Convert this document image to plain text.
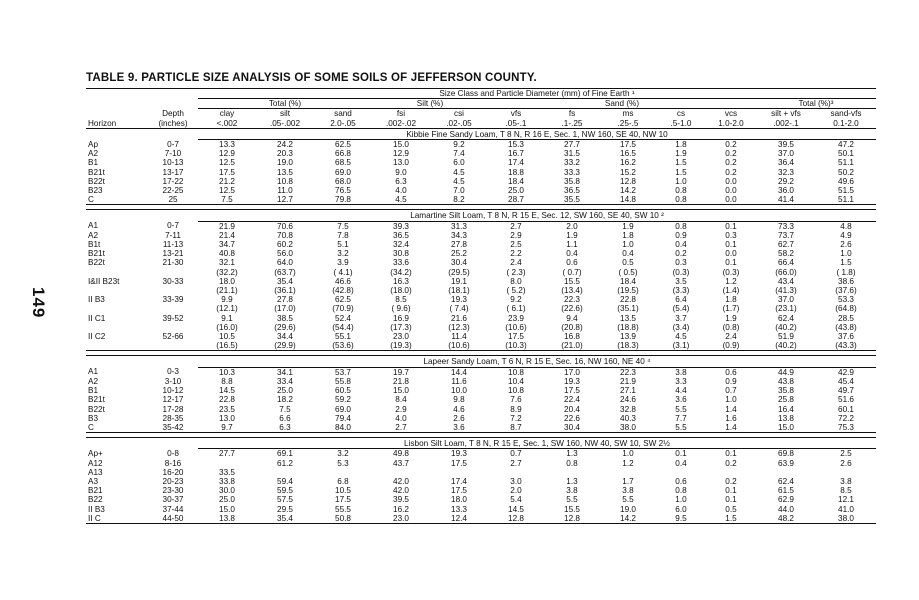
149
TABLE 9. PARTICLE SIZE ANALYSIS OF SOME SOILS OF JEFFERSON COUNTY.
		Size Class and Particle Diameter (mm) of Fine Earth ¹											
		Total (%)			Silt (%)		Sand (%)					Total (%)³	
	Depth	clay	silt	sand	fsi	csi	vfs	fs	ms	cs	vcs	silt + vfs	sand-vfs
Horizon	(inches)	<.002	.05-.002	2.0-.05	.002-.02	.02-.05	.05-.1	.1-.25	.25-.5	.5-1.0	1.0-2.0	.002-.1	0.1-2.0
		Kibbie Fine Sandy Loam, T 8 N, R 16 E, Sec. 1, NW 160, SE 40, NW 10											
Ap	0-7	13.3	24.2	62.5	15.0	9.2	15.3	27.7	17.5	1.8	0.2	39.5	47.2
A2	7-10	12.9	20.3	66.8	12.9	7.4	16.7	31.5	16.5	1.9	0.2	37.0	50.1
B1	10-13	12.5	19.0	68.5	13.0	6.0	17.4	33.2	16.2	1.5	0.2	36.4	51.1
B21t	13-17	17.5	13.5	69.0	9.0	4.5	18.8	33.3	15.2	1.5	0.2	32.3	50.2
B22t	17-22	21.2	10.8	68.0	6.3	4.5	18.4	35.8	12.8	1.0	0.0	29.2	49.6
B23	22-25	12.5	11.0	76.5	4.0	7.0	25.0	36.5	14.2	0.8	0.0	36.0	51.5
C	25	7.5	12.7	79.8	4.5	8.2	28.7	35.5	14.8	0.8	0.0	41.4	51.1

		Lamartine Silt Loam, T 8 N, R 15 E, Sec. 12, SW 160, SE 40, SW 10 ²											
A1	0-7	21.9	70.6	7.5	39.3	31.3	2.7	2.0	1.9	0.8	0.1	73.3	4.8
A2	7-11	21.4	70.8	7.8	36.5	34.3	2.9	1.9	1.8	0.9	0.3	73.7	4.9
B1t	11-13	34.7	60.2	5.1	32.4	27.8	2.5	1.1	1.0	0.4	0.1	62.7	2.6
B21t	13-21	40.8	56.0	3.2	30.8	25.2	2.2	0.4	0.4	0.2	0.0	58.2	1.0
B22t	21-30	32.1	64.0	3.9	33.6	30.4	2.4	0.6	0.5	0.3	0.1	66.4	1.5
		(32.2)	(63.7)	( 4.1)	(34.2)	(29.5)	( 2.3)	( 0.7)	( 0.5)	(0.3)	(0.3)	(66.0)	( 1.8)
I&II B23t	30-33	18.0	35.4	46.6	16.3	19.1	8.0	15.5	18.4	3.5	1.2	43.4	38.6
		(21.1)	(36.1)	(42.8)	(18.0)	(18.1)	( 5.2)	(13.4)	(19.5)	(3.3)	(1.4)	(41.3)	(37.6)
II B3	33-39	9.9	27.8	62.5	8.5	19.3	9.2	22.3	22.8	6.4	1.8	37.0	53.3
		(12.1)	(17.0)	(70.9)	( 9.6)	( 7.4)	( 6.1)	(22.6)	(35.1)	(5.4)	(1.7)	(23.1)	(64.8)
II C1	39-52	9.1	38.5	52.4	16.9	21.6	23.9	9.4	13.5	3.7	1.9	62.4	28.5
		(16.0)	(29.6)	(54.4)	(17.3)	(12.3)	(10.6)	(20.8)	(18.8)	(3.4)	(0.8)	(40.2)	(43.8)
II C2	52-66	10.5	34.4	55.1	23.0	11.4	17.5	16.8	13.9	4.5	2.4	51.9	37.6
		(16.5)	(29.9)	(53.6)	(19.3)	(10.6)	(10.3)	(21.0)	(18.3)	(3.1)	(0.9)	(40.2)	(43.3)

		Lapeer Sandy Loam, T 6 N, R 15 E, Sec. 16, NW 160, NE 40 ⁴											
A1	0-3	10.3	34.1	53.7	19.7	14.4	10.8	17.0	22.3	3.8	0.6	44.9	42.9
A2	3-10	8.8	33.4	55.8	21.8	11.6	10.4	19.3	21.9	3.3	0.9	43.8	45.4
B1	10-12	14.5	25.0	60.5	15.0	10.0	10.8	17.5	27.1	4.4	0.7	35.8	49.7
B21t	12-17	22.8	18.2	59.2	8.4	9.8	7.6	22.4	24.6	3.6	1.0	25.8	51.6
B22t	17-28	23.5	7.5	69.0	2.9	4.6	8.9	20.4	32.8	5.5	1.4	16.4	60.1
B3	28-35	13.0	6.6	79.4	4.0	2.6	7.2	22.6	40.3	7.7	1.6	13.8	72.2
C	35-42	9.7	6.3	84.0	2.7	3.6	8.7	30.4	38.0	5.5	1.4	15.0	75.3

		Lisbon Silt Loam, T 8 N, R 15 E, Sec. 1, SW 160, NW 40, SW 10, SW 2½											
Ap+	0-8	27.7	69.1	3.2	49.8	19.3	0.7	1.3	1.0	0.1	0.1	69.8	2.5
A12	8-16		61.2	5.3	43.7	17.5	2.7	0.8	1.2	0.4	0.2	63.9	2.6
A13	16-20	33.5											
A3	20-23	33.8	59.4	6.8	42.0	17.4	3.0	1.3	1.7	0.6	0.2	62.4	3.8
B21	23-30	30.0	59.5	10.5	42.0	17.5	2.0	3.8	3.8	0.8	0.1	61.5	8.5
B22	30-37	25.0	57.5	17.5	39.5	18.0	5.4	5.5	5.5	1.0	0.1	62.9	12.1
II B3	37-44	15.0	29.5	55.5	16.2	13.3	14.5	15.5	19.0	6.0	0.5	44.0	41.0
II C	44-50	13.8	35.4	50.8	23.0	12.4	12.8	12.8	14.2	9.5	1.5	48.2	38.0
